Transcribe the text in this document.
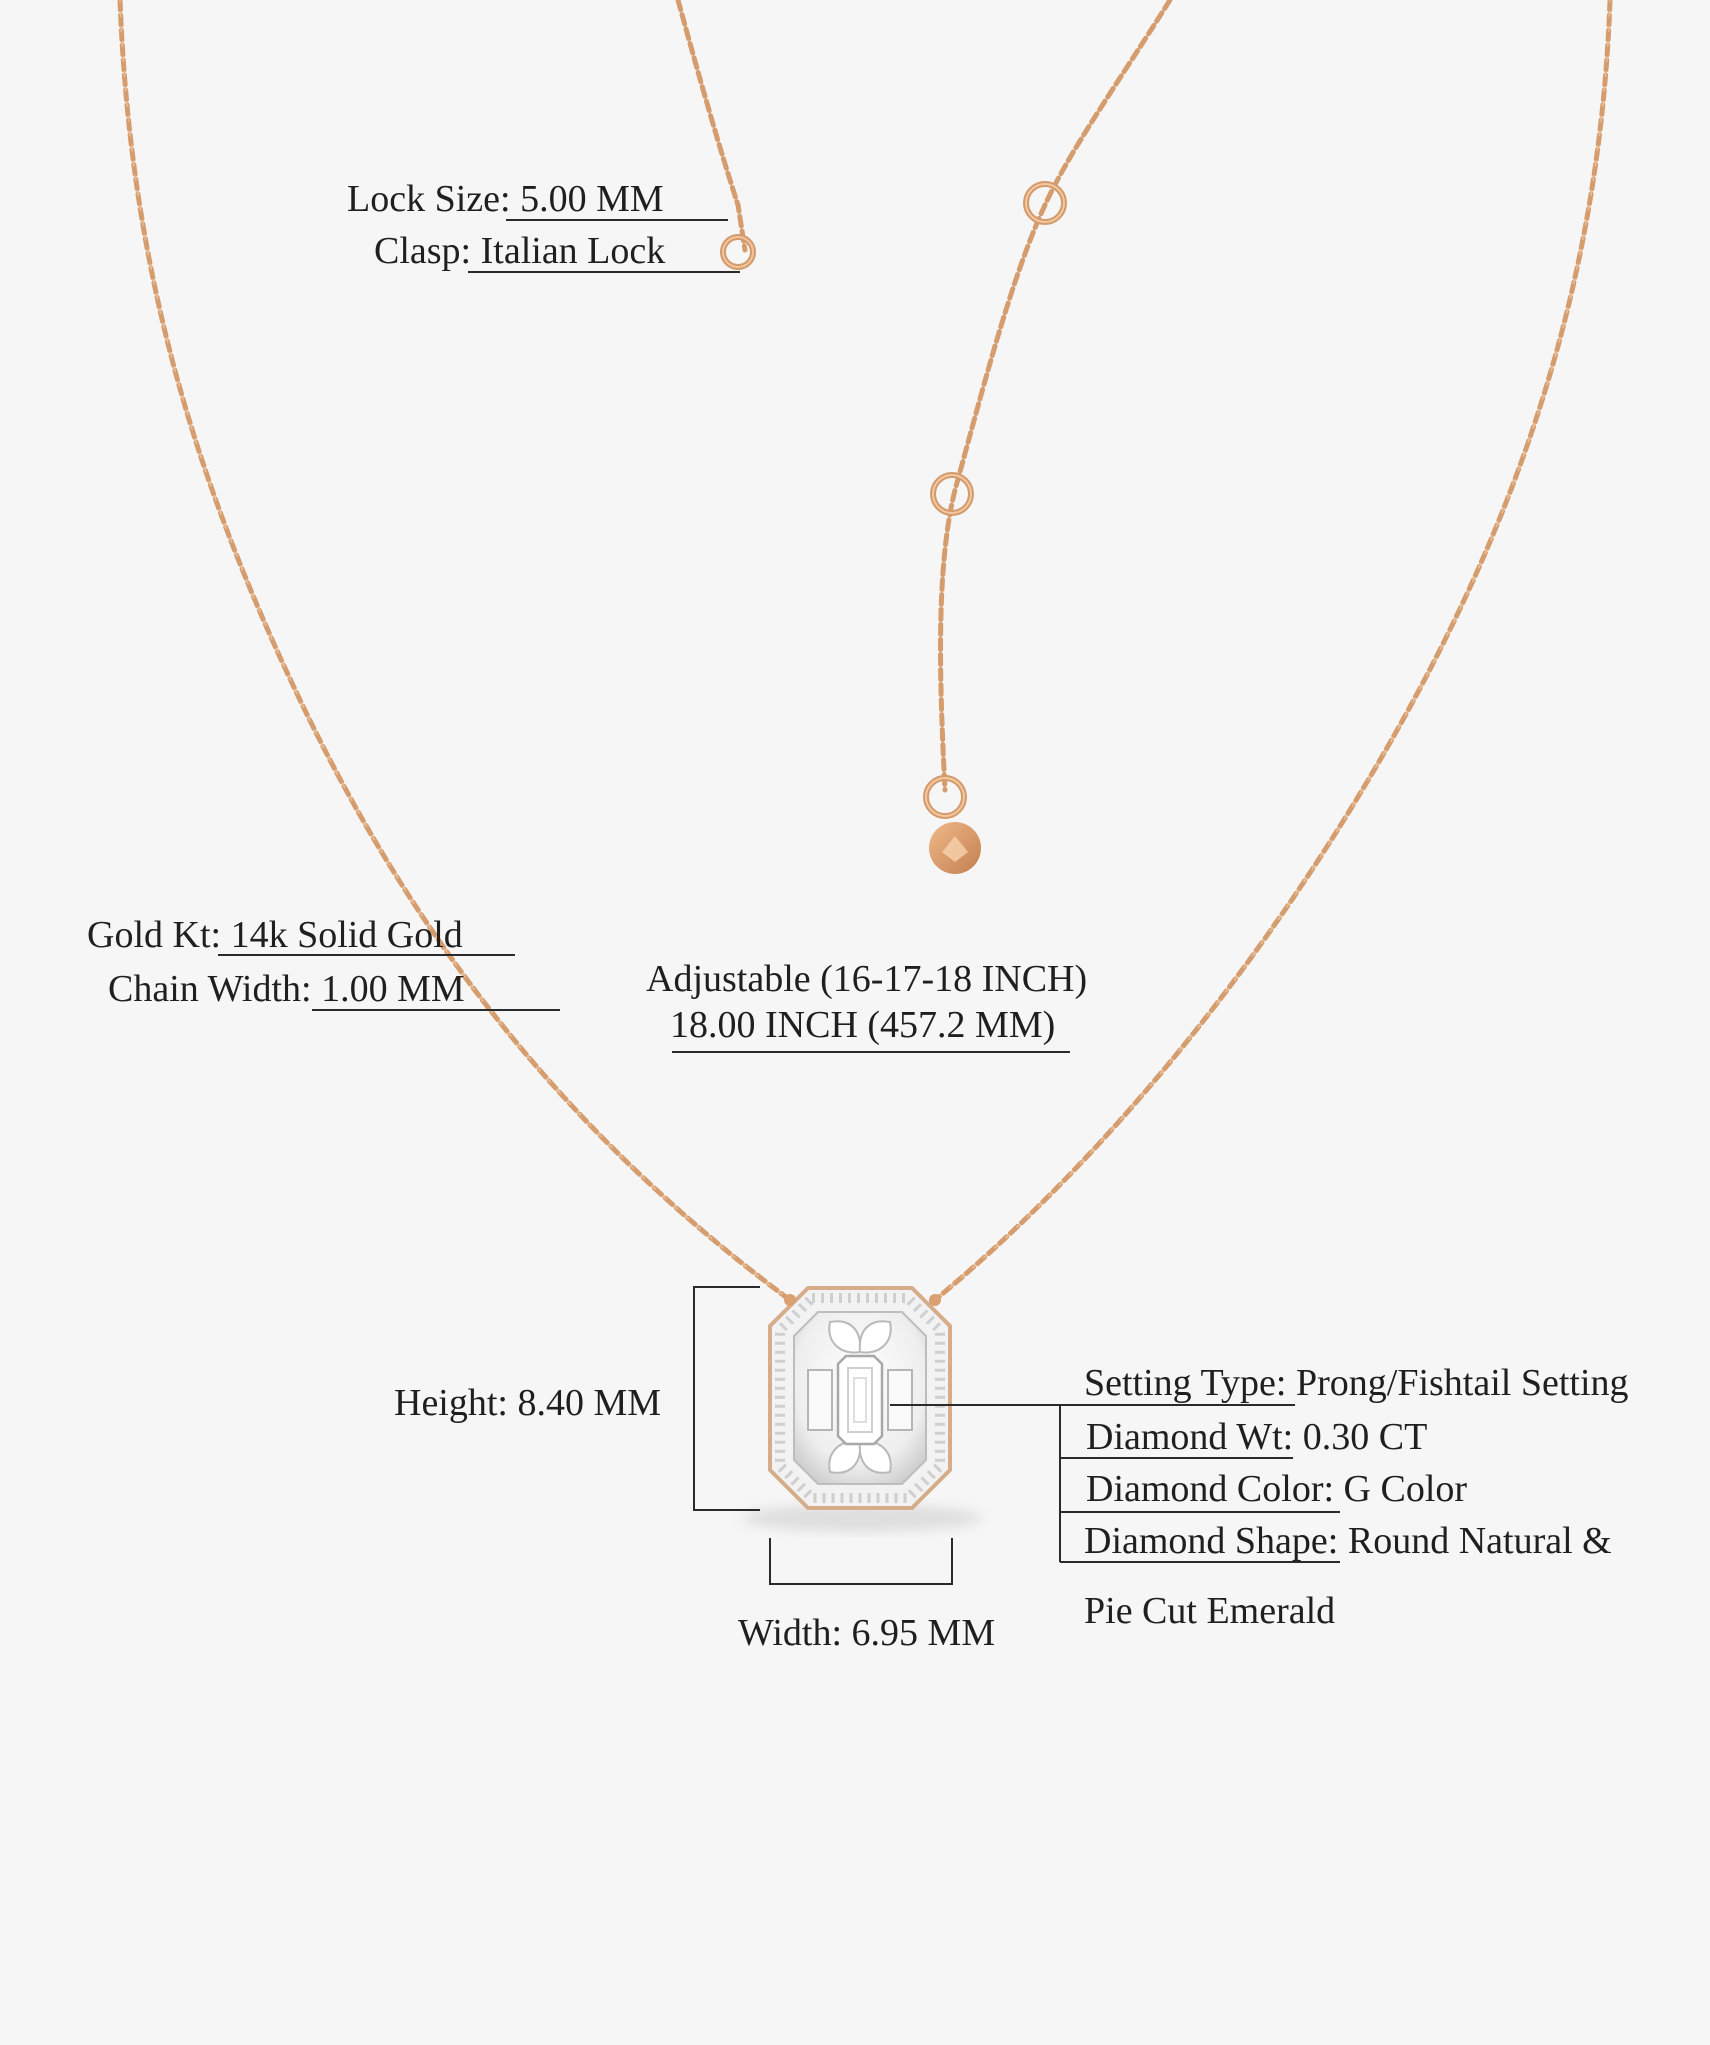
Lock Size: 5.00 MM
Clasp: Italian Lock
Gold Kt: 14k Solid Gold
Chain Width: 1.00 MM	Adjustable (16-17-18 INCH)
18.00 INCH (457.2 MM)
Height: 8.40 MM
Width: 6.95 MM
Setting Type: Prong/Fishtail Setting
Diamond Wt: 0.30 CT
Diamond Color: G Color
Diamond Shape: Round Natural &
Pie Cut Emerald
